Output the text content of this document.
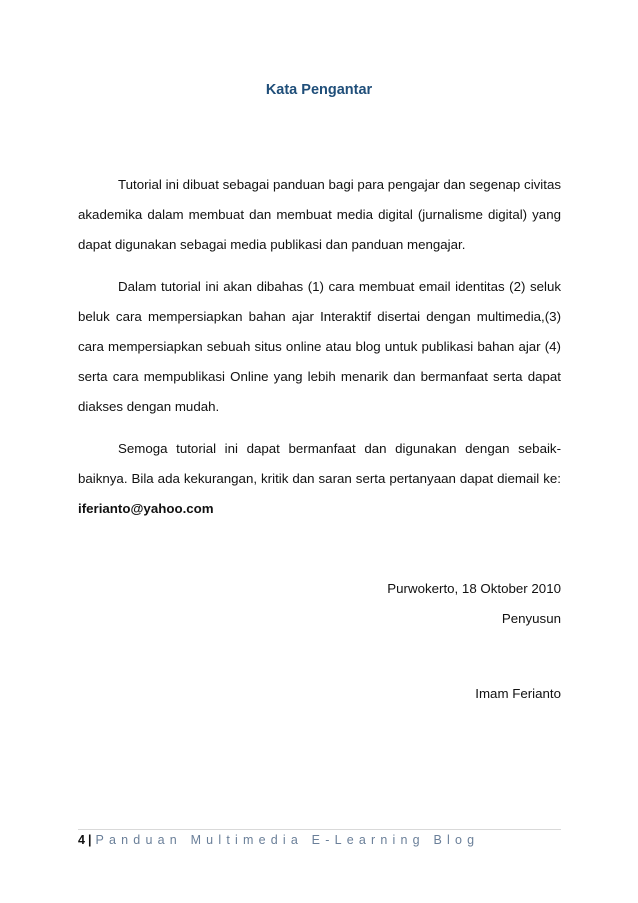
Kata Pengantar

Tutorial ini dibuat sebagai panduan bagi para pengajar dan segenap civitas akademika dalam membuat dan membuat media digital (jurnalisme digital) yang dapat digunakan sebagai media publikasi dan panduan mengajar.

Dalam tutorial ini akan dibahas (1) cara membuat email identitas (2) seluk beluk cara mempersiapkan bahan ajar Interaktif disertai dengan multimedia,(3) cara mempersiapkan sebuah situs online atau blog untuk publikasi bahan ajar (4) serta cara mempublikasi Online yang lebih menarik dan bermanfaat serta dapat diakses dengan mudah.

Semoga tutorial ini dapat bermanfaat dan digunakan dengan sebaik-baiknya. Bila ada kekurangan, kritik dan saran serta pertanyaan dapat diemail ke: iferianto@yahoo.com

Purwokerto, 18 Oktober 2010
Penyusun
Imam Ferianto
4 | Panduan Multimedia E-Learning Blog
